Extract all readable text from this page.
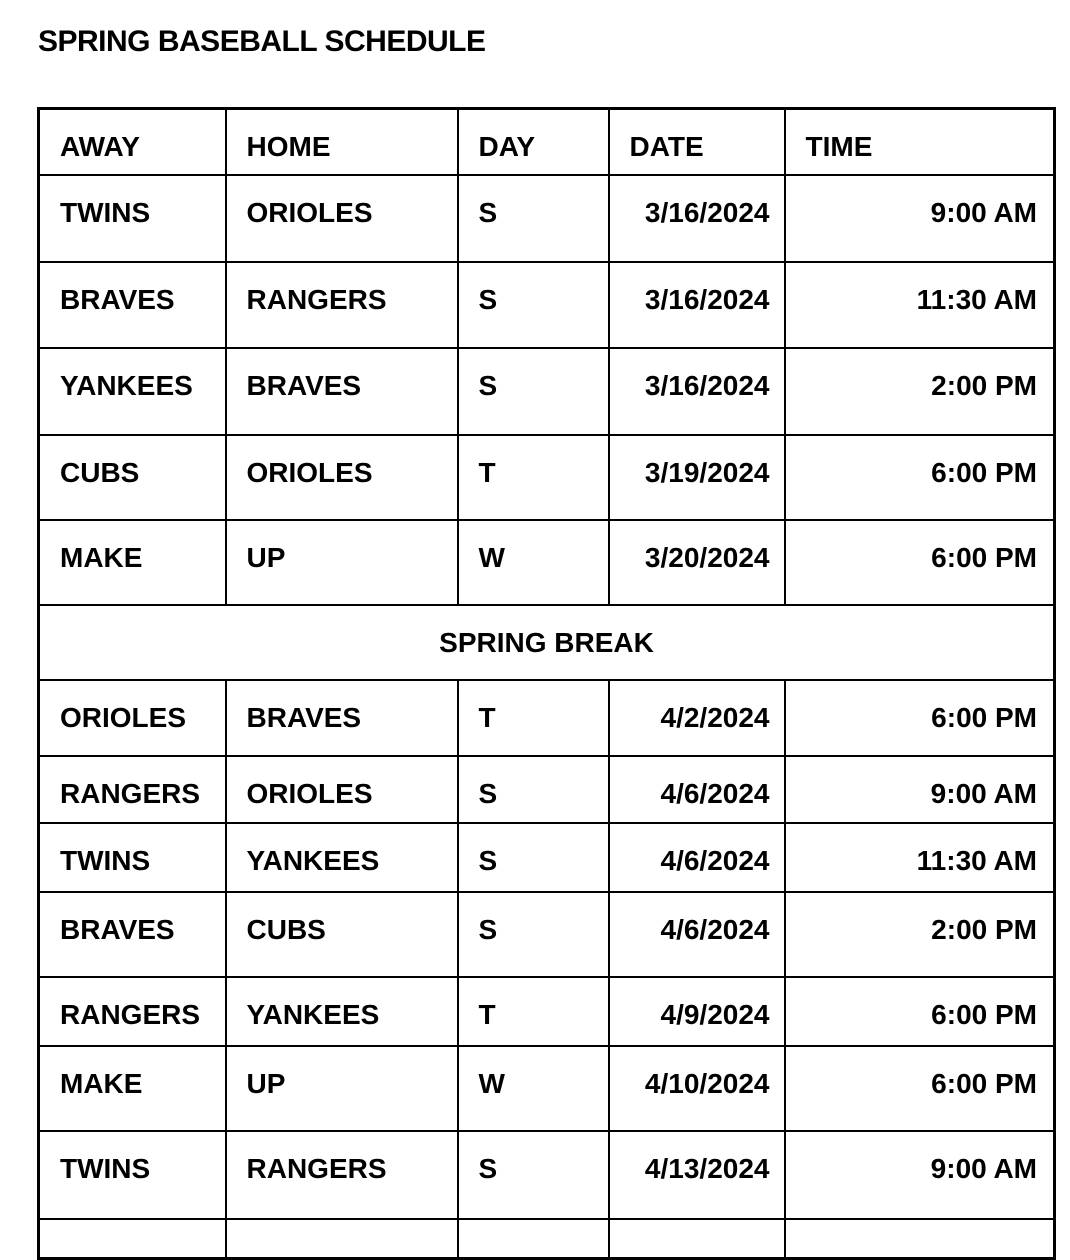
SPRING BASEBALL SCHEDULE
AWAY	HOME	DAY	DATE	TIME
TWINS	ORIOLES	S	3/16/2024	9:00 AM
BRAVES	RANGERS	S	3/16/2024	11:30 AM
YANKEES	BRAVES	S	3/16/2024	2:00 PM
CUBS	ORIOLES	T	3/19/2024	6:00 PM
MAKE	UP	W	3/20/2024	6:00 PM
SPRING BREAK				
ORIOLES	BRAVES	T	4/2/2024	6:00 PM
RANGERS	ORIOLES	S	4/6/2024	9:00 AM
TWINS	YANKEES	S	4/6/2024	11:30 AM
BRAVES	CUBS	S	4/6/2024	2:00 PM
RANGERS	YANKEES	T	4/9/2024	6:00 PM
MAKE	UP	W	4/10/2024	6:00 PM
TWINS	RANGERS	S	4/13/2024	9:00 AM
